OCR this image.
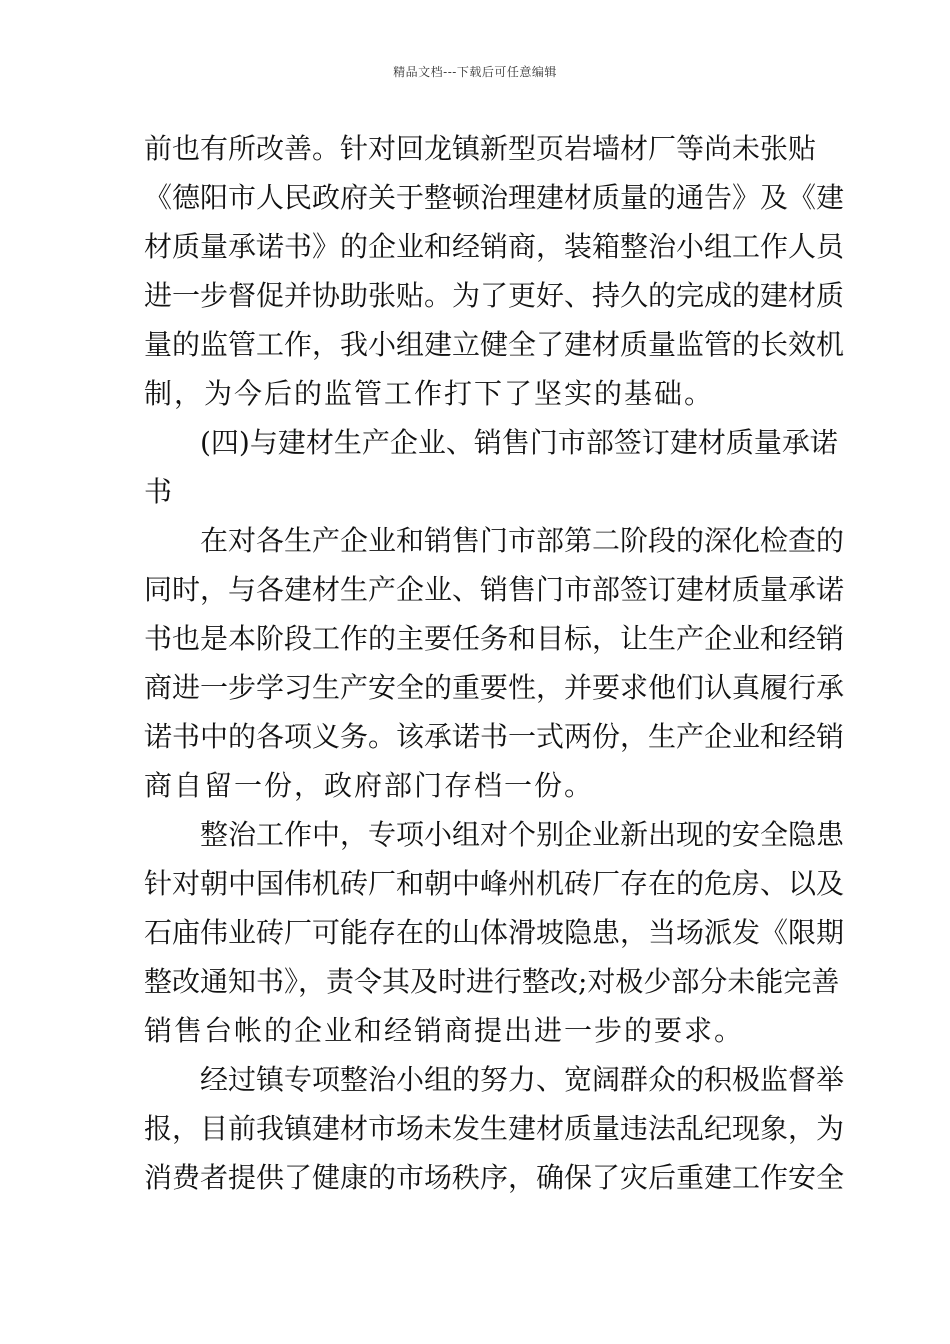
精品文档---下载后可任意编辑
前也有所改善。针对回龙镇新型页岩墙材厂等尚未张贴
《德阳市人民政府关于整顿治理建材质量的通告》及《建
材质量承诺书》的企业和经销商，装箱整治小组工作人员
进一步督促并协助张贴。为了更好、持久的完成的建材质
量的监管工作，我小组建立健全了建材质量监管的长效机
制，为今后的监管工作打下了坚实的基础。
(四)与建材生产企业、销售门市部签订建材质量承诺
书
在对各生产企业和销售门市部第二阶段的深化检查的
同时，与各建材生产企业、销售门市部签订建材质量承诺
书也是本阶段工作的主要任务和目标，让生产企业和经销
商进一步学习生产安全的重要性，并要求他们认真履行承
诺书中的各项义务。该承诺书一式两份，生产企业和经销
商自留一份，政府部门存档一份。
整治工作中，专项小组对个别企业新出现的安全隐患
针对朝中国伟机砖厂和朝中峰州机砖厂存在的危房、以及
石庙伟业砖厂可能存在的山体滑坡隐患，当场派发《限期
整改通知书》，责令其及时进行整改;对极少部分未能完善
销售台帐的企业和经销商提出进一步的要求。
经过镇专项整治小组的努力、宽阔群众的积极监督举
报，目前我镇建材市场未发生建材质量违法乱纪现象，为
消费者提供了健康的市场秩序，确保了灾后重建工作安全
